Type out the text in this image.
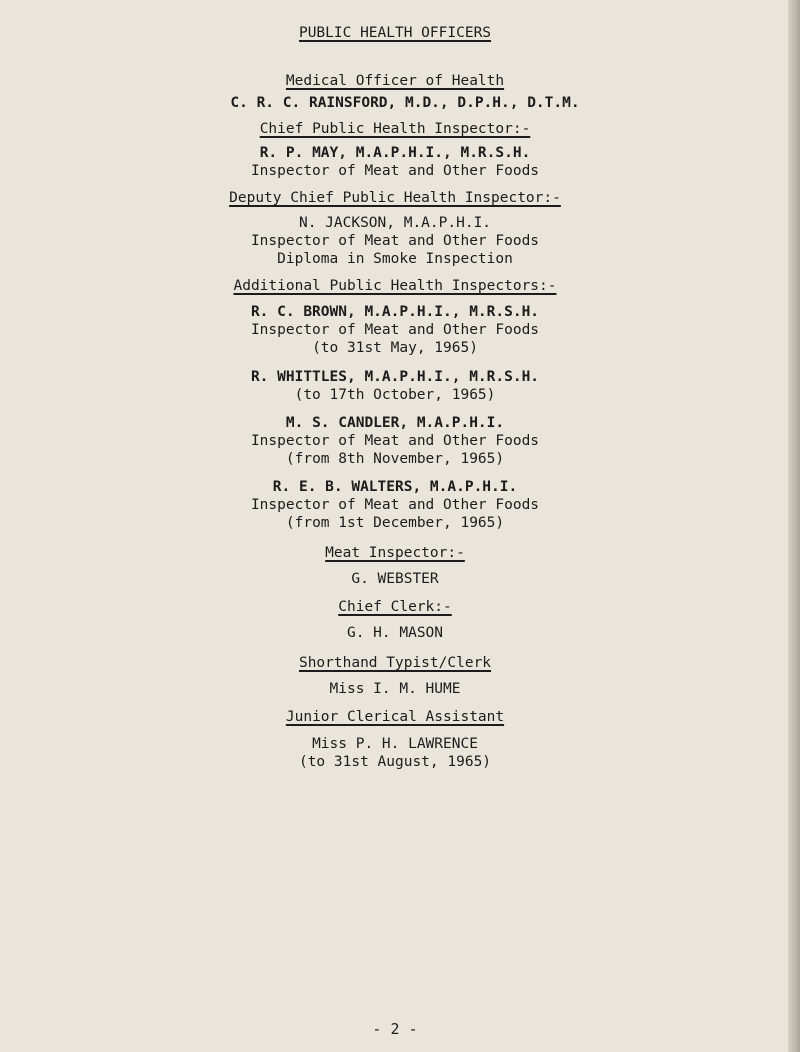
PUBLIC HEALTH OFFICERS
Medical Officer of Health
C. R. C. RAINSFORD, M.D., D.P.H., D.T.M.
Chief Public Health Inspector:-
R. P. MAY, M.A.P.H.I., M.R.S.H.
Inspector of Meat and Other Foods
Deputy Chief Public Health Inspector:-
N. JACKSON, M.A.P.H.I.
Inspector of Meat and Other Foods
Diploma in Smoke Inspection
Additional Public Health Inspectors:-
R. C. BROWN, M.A.P.H.I., M.R.S.H.
Inspector of Meat and Other Foods
(to 31st May, 1965)
R. WHITTLES, M.A.P.H.I., M.R.S.H.
(to 17th October, 1965)
M. S. CANDLER, M.A.P.H.I.
Inspector of Meat and Other Foods
(from 8th November, 1965)
R. E. B. WALTERS, M.A.P.H.I.
Inspector of Meat and Other Foods
(from 1st December, 1965)
Meat Inspector:-
G. WEBSTER
Chief Clerk:-
G. H. MASON
Shorthand Typist/Clerk
Miss I. M. HUME
Junior Clerical Assistant
Miss P. H. LAWRENCE
(to 31st August, 1965)
- 2 -
